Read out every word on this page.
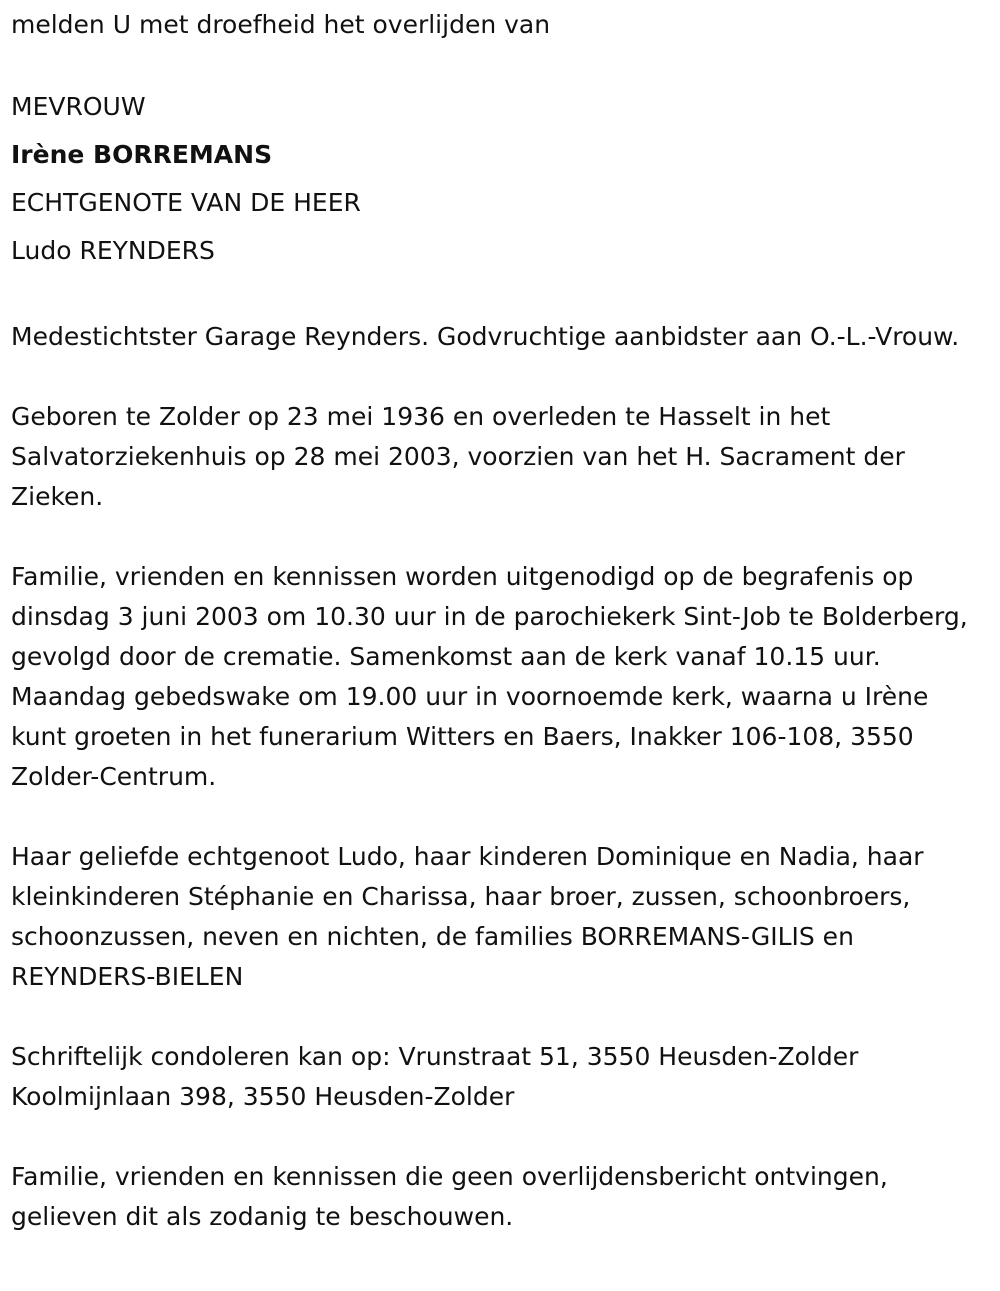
melden U met droefheid het overlijden van

MEVROUW

Irène BORREMANS

ECHTGENOTE VAN DE HEER

Ludo REYNDERS

Medestichtster Garage Reynders. Godvruchtige aanbidster aan O.-L.-Vrouw.

Geboren te Zolder op 23 mei 1936 en overleden te Hasselt in het Salvatorziekenhuis op 28 mei 2003, voorzien van het H. Sacrament der Zieken.

Familie, vrienden en kennissen worden uitgenodigd op de begrafenis op dinsdag 3 juni 2003 om 10.30 uur in de parochiekerk Sint-Job te Bolderberg, gevolgd door de crematie. Samenkomst aan de kerk vanaf 10.15 uur. Maandag gebedswake om 19.00 uur in voornoemde kerk, waarna u Irène kunt groeten in het funerarium Witters en Baers, Inakker 106-108, 3550 Zolder-Centrum.

Haar geliefde echtgenoot Ludo, haar kinderen Dominique en Nadia, haar kleinkinderen Stéphanie en Charissa, haar broer, zussen, schoonbroers, schoonzussen, neven en nichten, de families BORREMANS-GILIS en REYNDERS-BIELEN

Schriftelijk condoleren kan op: Vrunstraat 51, 3550 Heusden-Zolder

Koolmijnlaan 398, 3550 Heusden-Zolder

Familie, vrienden en kennissen die geen overlijdensbericht ontvingen, gelieven dit als zodanig te beschouwen.
